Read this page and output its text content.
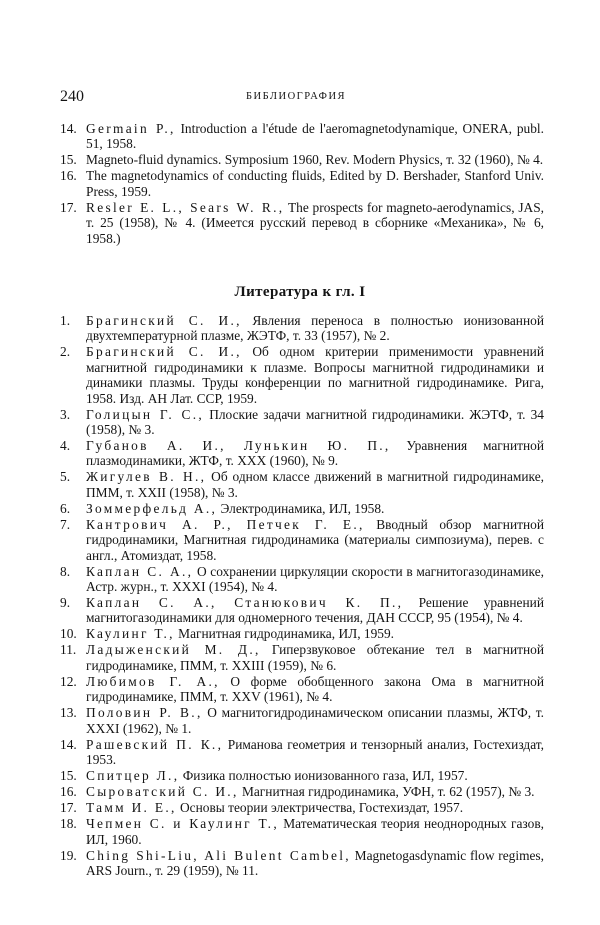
240	БИБЛИОГРАФИЯ
14. Germain P., Introduction a l'étude de l'aeromagnetodynamique, ONERA, publ. 51, 1958.
15. Magneto-fluid dynamics. Symposium 1960, Rev. Modern Physics, т. 32 (1960), № 4.
16. The magnetodynamics of conducting fluids, Edited by D. Bershader, Stanford Univ. Press, 1959.
17. Resler E. L., Sears W. R., The prospects for magneto-aerodynamics, JAS, т. 25 (1958), № 4. (Имеется русский перевод в сборнике «Механика», № 6, 1958.)
Литература к гл. I
1. Брагинский С. И., Явления переноса в полностью ионизованной двухтемпературной плазме, ЖЭТФ, т. 33 (1957), № 2.
2. Брагинский С. И., Об одном критерии применимости уравнений магнитной гидродинамики к плазме. Вопросы магнитной гидродинамики и динамики плазмы. Труды конференции по магнитной гидродинамике. Рига, 1958. Изд. АН Лат. ССР, 1959.
3. Голицын Г. С., Плоские задачи магнитной гидродинамики. ЖЭТФ, т. 34 (1958), № 3.
4. Губанов А. И., Лунькин Ю. П., Уравнения магнитной плазмодинамики, ЖТФ, т. XXX (1960), № 9.
5. Жигулев В. Н., Об одном классе движений в магнитной гидродинамике, ПММ, т. XXII (1958), № 3.
6. Зоммерфельд А., Электродинамика, ИЛ, 1958.
7. Кантрович А. Р., Петчек Г. Е., Вводный обзор магнитной гидродинамики, Магнитная гидродинамика (материалы симпозиума), перев. с англ., Атомиздат, 1958.
8. Каплан С. А., О сохранении циркуляции скорости в магнитогазодинамике, Астр. журн., т. XXXI (1954), № 4.
9. Каплан С. А., Станюкович К. П., Решение уравнений магнитогазодинамики для одномерного течения, ДАН СССР, 95 (1954), № 4.
10. Каулинг Т., Магнитная гидродинамика, ИЛ, 1959.
11. Ладыженский М. Д., Гиперзвуковое обтекание тел в магнитной гидродинамике, ПММ, т. XXIII (1959), № 6.
12. Любимов Г. А., О форме обобщенного закона Ома в магнитной гидродинамике, ПММ, т. XXV (1961), № 4.
13. Половин Р. В., О магнитогидродинамическом описании плазмы, ЖТФ, т. XXXI (1962), № 1.
14. Рашевский П. К., Риманова геометрия и тензорный анализ, Гостехиздат, 1953.
15. Спитцер Л., Физика полностью ионизованного газа, ИЛ, 1957.
16. Сыроватский С. И., Магнитная гидродинамика, УФН, т. 62 (1957), № 3.
17. Тамм И. Е., Основы теории электричества, Гостехиздат, 1957.
18. Чепмен С. и Каулинг Т., Математическая теория неоднородных газов, ИЛ, 1960.
19. Ching Shi-Liu, Ali Bulent Cambel, Magnetogasdynamic flow regimes, ARS Journ., т. 29 (1959), № 11.
